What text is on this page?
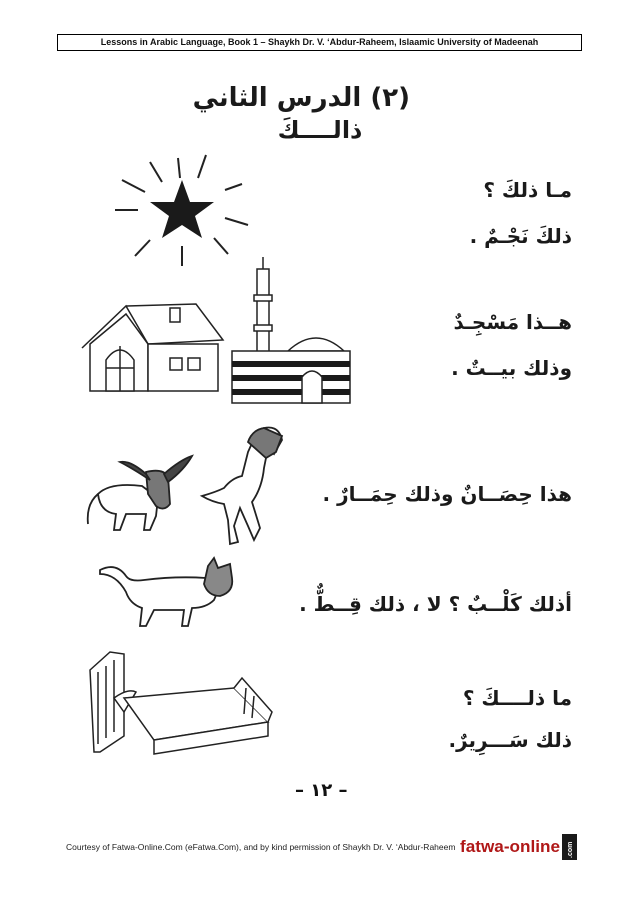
Lessons in Arabic Language, Book 1 – Shaykh Dr. V. ‘Abdur-Raheem, Islaamic University of Madeenah
(٢) الدرس الثاني
ذالــــكَ
مـا ذلكَ ؟
ذلكَ نَجْـمٌ .
هــذا مَسْجِـدٌ
وذلك بيــتٌ .
هذا حِصَــانٌ وذلك حِمَــارٌ .
أذلك كَلْــبٌ ؟ لا ، ذلك قِــطٌّ .
ما ذلــــكَ ؟
ذلك سَـــرِيرٌ.
– ١٢ –
Courtesy of Fatwa-Online.Com (eFatwa.Com), and by kind permission of Shaykh Dr. V. ‘Abdur-Raheem fatwa-online .com
